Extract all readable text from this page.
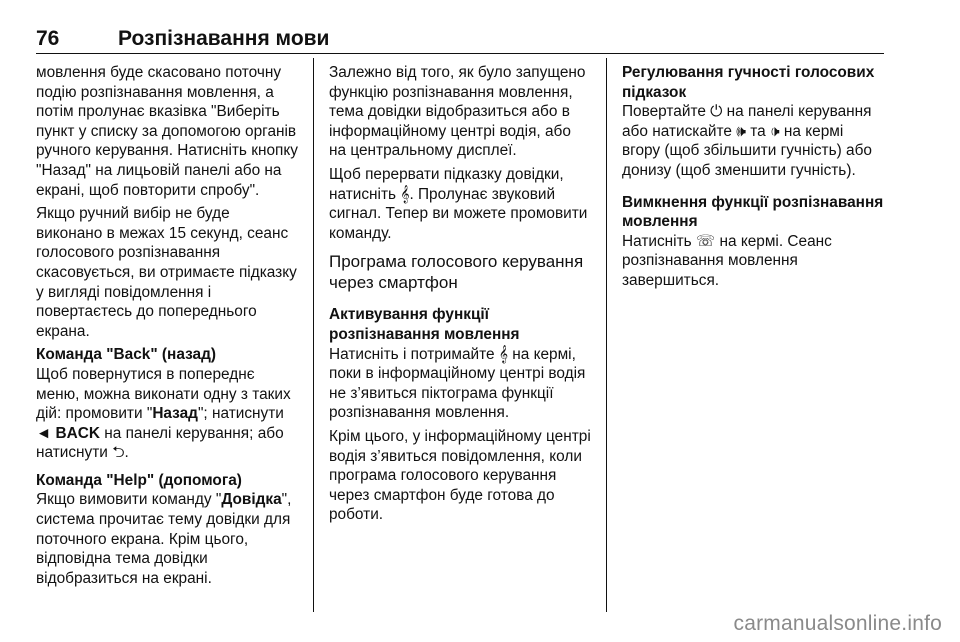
76	Розпізнавання мови

мовлення буде скасовано поточну подію розпізнавання мовлення, а потім пролунає вказівка "Виберіть пункт у списку за допомогою органів ручного керування. Натисніть кнопку "Назад" на лицьовій панелі або на екрані, щоб повторити спробу".

Якщо ручний вибір не буде виконано в межах 15 секунд, сеанс голосового розпізнавання скасовується, ви отримаєте підказку у вигляді повідомлення і повертаєтесь до попереднього екрана.

Команда "Back" (назад)

Щоб повернутися в попереднє меню, можна виконати одну з таких дій: промовити "Назад"; натиснути
◄ BACK на панелі керування; або натиснути ⮌.

Команда "Help" (допомога)

Якщо вимовити команду "Довідка", система прочитає тему довідки для поточного екрана. Крім цього, відповідна тема довідки відобразиться на екрані.

Залежно від того, як було запущено функцію розпізнавання мовлення, тема довідки відобразиться або в інформаційному центрі водія, або на центральному дисплеї.

Щоб перервати підказку довідки, натисніть 𝄞. Пролунає звуковий сигнал. Тепер ви можете промовити команду.

Програма голосового керування через смартфон
Активування функції розпізнавання мовлення

Натисніть і потримайте 𝄞 на кермі, поки в інформаційному центрі водія не з’явиться піктограма функції розпізнавання мовлення.

Крім цього, у інформаційному центрі водія з’явиться повідомлення, коли програма голосового керування через смартфон буде готова до роботи.

Регулювання гучності голосових підказок

Повертайте ⏻ на панелі керування або натискайте 🕪 та 🕩 на кермі вгору (щоб збільшити гучність) або донизу (щоб зменшити гучність).

Вимкнення функції розпізнавання мовлення

Натисніть ☏ на кермі. Сеанс розпізнавання мовлення завершиться.

carmanualsonline.info
